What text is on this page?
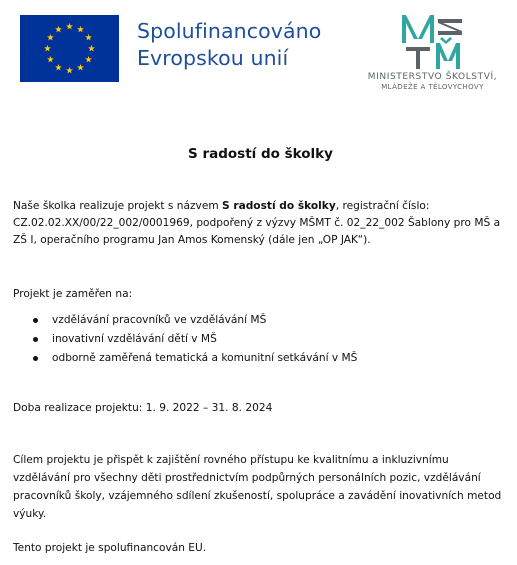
Spolufinancováno
Evropskou unií
MINISTERSTVO ŠKOLSTVÍ,
MLÁDEŽE A TĚLOVÝCHOVY
S radostí do školky
Naše školka realizuje projekt s názvem S radostí do školky, registrační číslo: CZ.02.02.XX/00/22_002/0001969, podpořený z výzvy MŠMT č. 02_22_002 Šablony pro MŠ a ZŠ I, operačního programu Jan Amos Komenský (dále jen „OP JAK“).
Projekt je zaměřen na:
vzdělávání pracovníků ve vzdělávání MŠ
inovativní vzdělávání dětí v MŠ
odborně zaměřená tematická a komunitní setkávání v MŠ
Doba realizace projektu: 1. 9. 2022 – 31. 8. 2024
Cílem projektu je přispět k zajištění rovného přístupu ke kvalitnímu a inkluzivnímu vzdělávání pro všechny děti prostřednictvím podpůrných personálních pozic, vzdělávání pracovníků školy, vzájemného sdílení zkušeností, spolupráce a zavádění inovativních metod výuky.
Tento projekt je spolufinancován EU.
